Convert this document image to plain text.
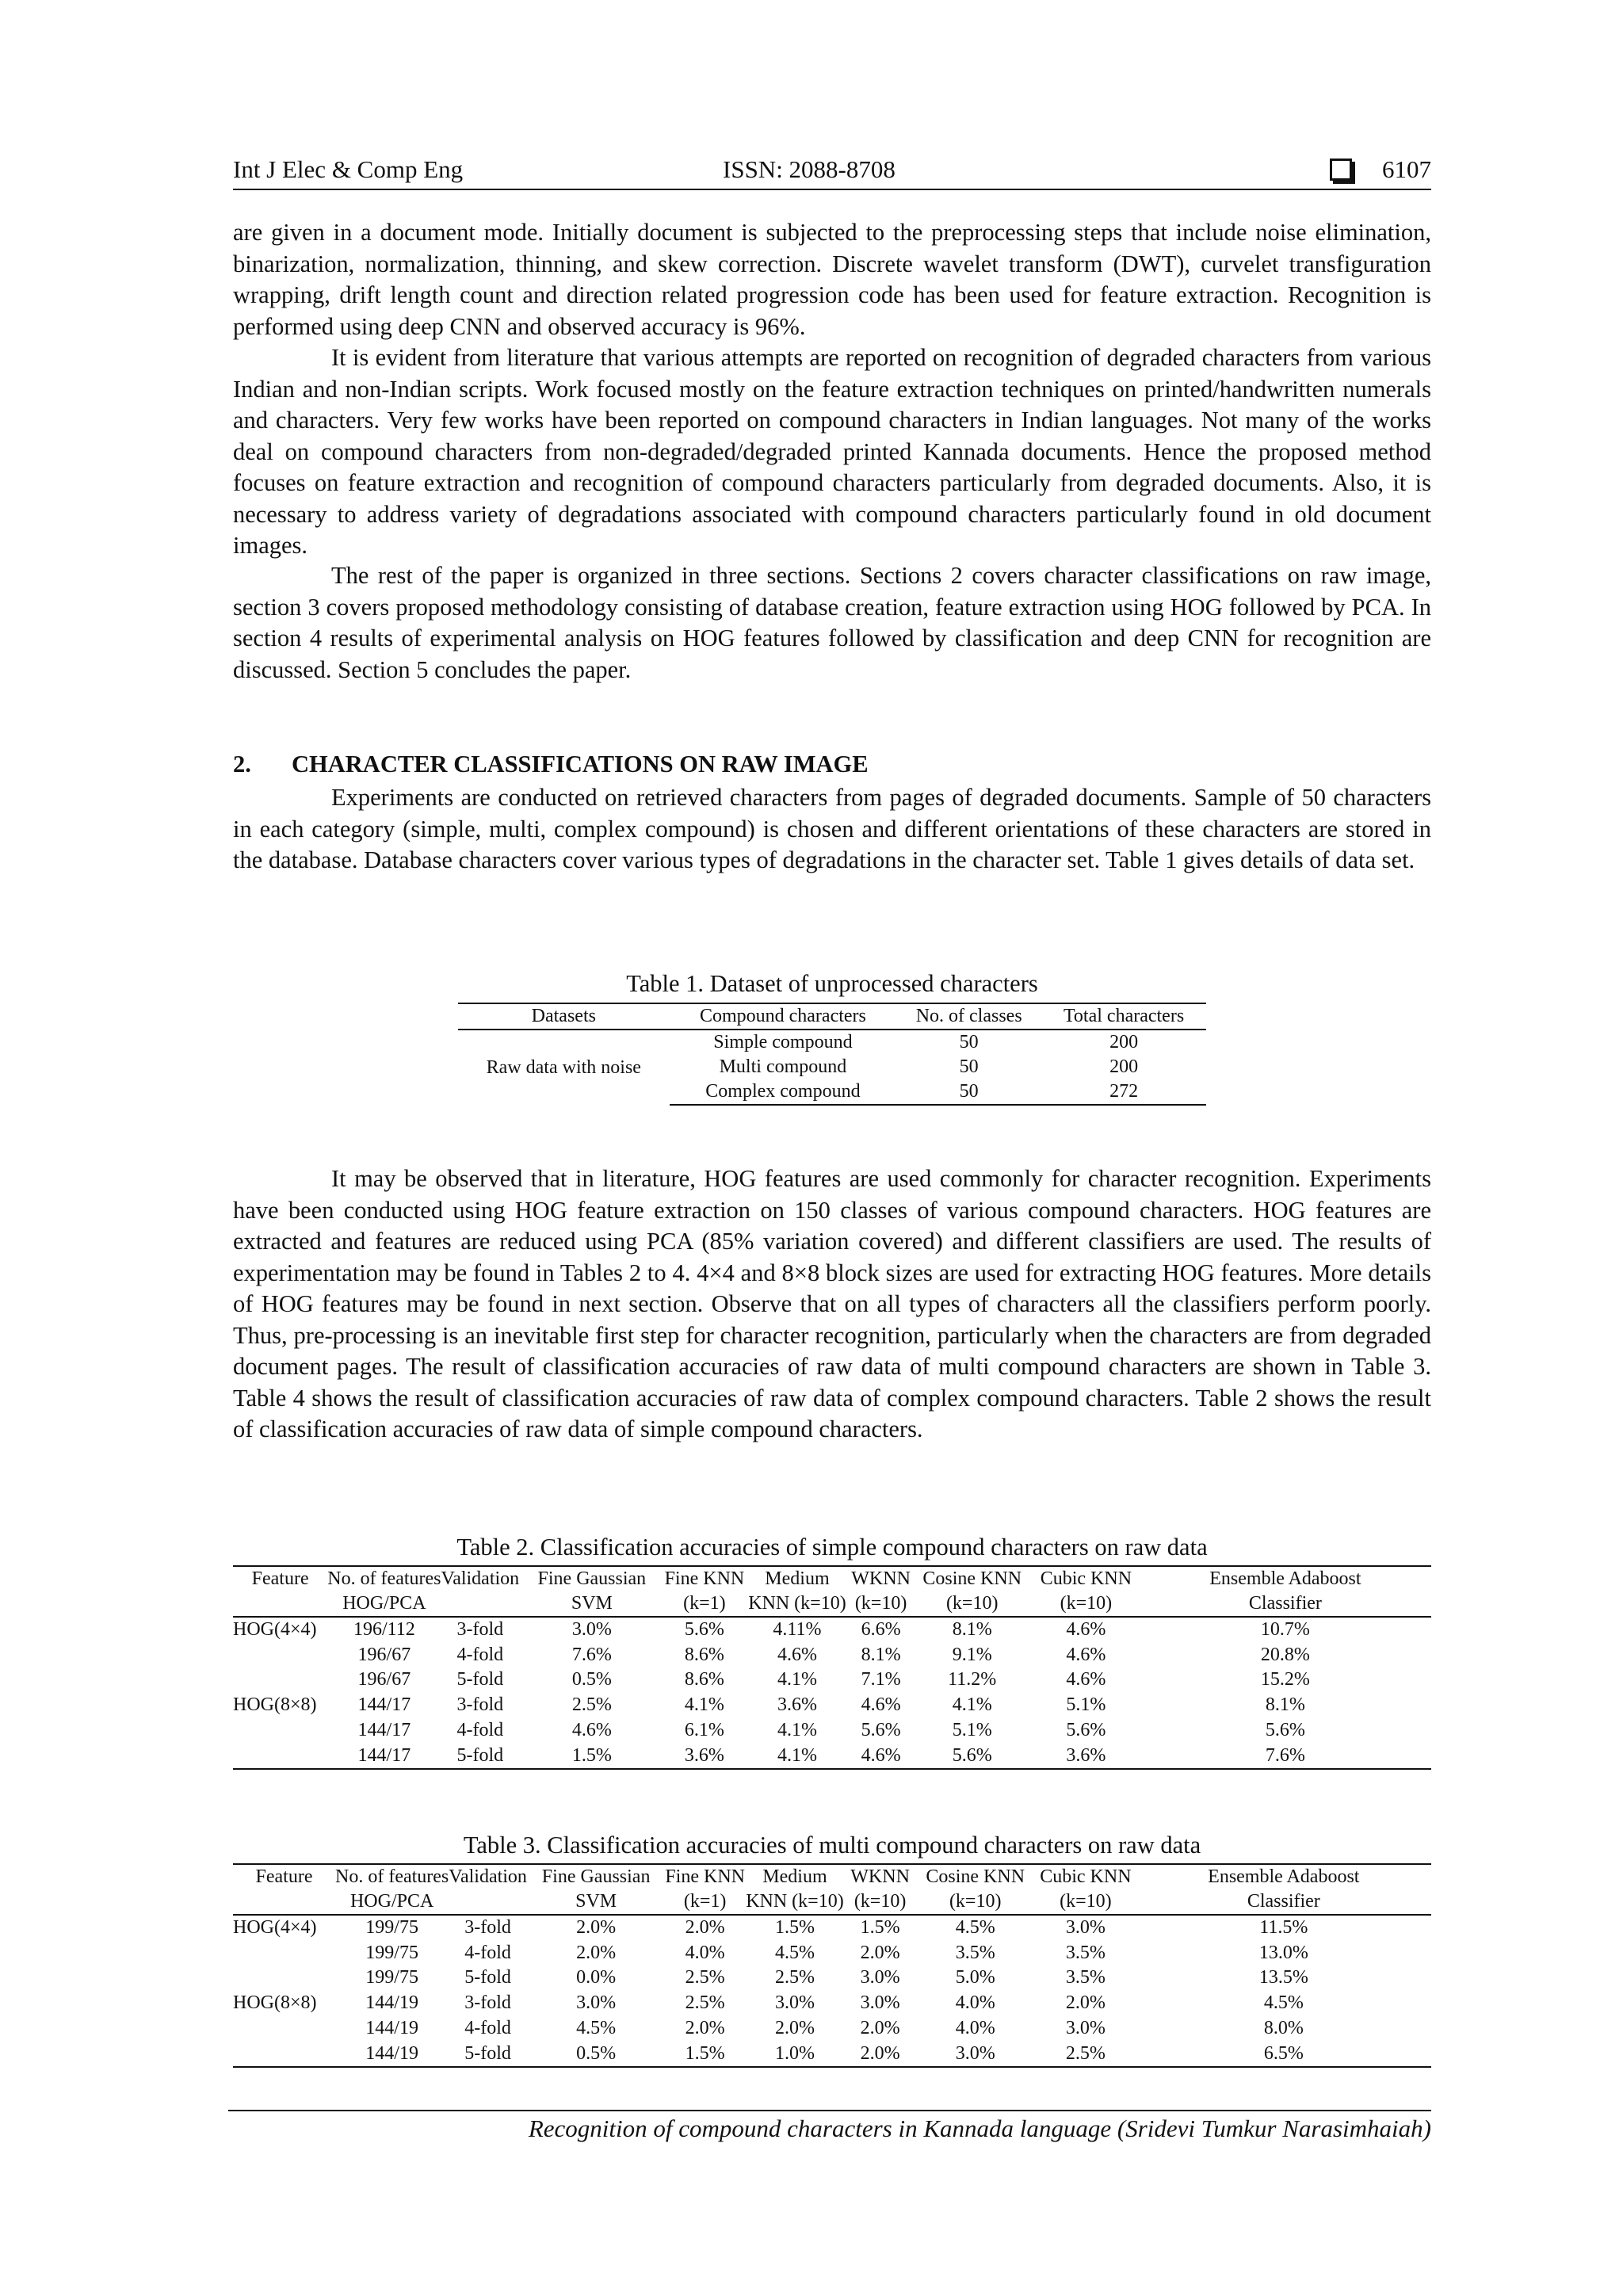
Int J Elec & Comp Eng	ISSN: 2088-8708	6107

are given in a document mode. Initially document is subjected to the preprocessing steps that include noise elimination, binarization, normalization, thinning, and skew correction. Discrete wavelet transform (DWT), curvelet transfiguration wrapping, drift length count and direction related progression code has been used for feature extraction. Recognition is performed using deep CNN and observed accuracy is 96%.

It is evident from literature that various attempts are reported on recognition of degraded characters from various Indian and non-Indian scripts. Work focused mostly on the feature extraction techniques on printed/handwritten numerals and characters. Very few works have been reported on compound characters in Indian languages. Not many of the works deal on compound characters from non-degraded/degraded printed Kannada documents. Hence the proposed method focuses on feature extraction and recognition of compound characters particularly from degraded documents. Also, it is necessary to address variety of degradations associated with compound characters particularly found in old document images.

The rest of the paper is organized in three sections. Sections 2 covers character classifications on raw image, section 3 covers proposed methodology consisting of database creation, feature extraction using HOG followed by PCA. In section 4 results of experimental analysis on HOG features followed by classification and deep CNN for recognition are discussed. Section 5 concludes the paper.

2. CHARACTER CLASSIFICATIONS ON RAW IMAGE

Experiments are conducted on retrieved characters from pages of degraded documents. Sample of 50 characters in each category (simple, multi, complex compound) is chosen and different orientations of these characters are stored in the database. Database characters cover various types of degradations in the character set. Table 1 gives details of data set.

Table 1. Dataset of unprocessed characters

Datasets	Compound characters	No. of classes	Total characters
Raw data with noise	Simple compound	50	200
	Multi compound	50	200
	Complex compound	50	272

It may be observed that in literature, HOG features are used commonly for character recognition. Experiments have been conducted using HOG feature extraction on 150 classes of various compound characters. HOG features are extracted and features are reduced using PCA (85% variation covered) and different classifiers are used. The results of experimentation may be found in Tables 2 to 4. 4×4 and 8×8 block sizes are used for extracting HOG features. More details of HOG features may be found in next section. Observe that on all types of characters all the classifiers perform poorly. Thus, pre-processing is an inevitable first step for character recognition, particularly when the characters are from degraded document pages. The result of classification accuracies of raw data of multi compound characters are shown in Table 3. Table 4 shows the result of classification accuracies of raw data of complex compound characters. Table 2 shows the result of classification accuracies of raw data of simple compound characters.

Table 2. Classification accuracies of simple compound characters on raw data

Feature	No. of features	Validation	Fine Gaussian	Fine KNN	Medium	WKNN	Cosine KNN	Cubic KNN	Ensemble Adaboost
	HOG/PCA		SVM	(k=1)	KNN (k=10)	(k=10)	(k=10)	(k=10)	Classifier
HOG(4×4)	196/112	3-fold	3.0%	5.6%	4.11%	6.6%	8.1%	4.6%	10.7%
	196/67	4-fold	7.6%	8.6%	4.6%	8.1%	9.1%	4.6%	20.8%
	196/67	5-fold	0.5%	8.6%	4.1%	7.1%	11.2%	4.6%	15.2%
HOG(8×8)	144/17	3-fold	2.5%	4.1%	3.6%	4.6%	4.1%	5.1%	8.1%
	144/17	4-fold	4.6%	6.1%	4.1%	5.6%	5.1%	5.6%	5.6%
	144/17	5-fold	1.5%	3.6%	4.1%	4.6%	5.6%	3.6%	7.6%

Table 3. Classification accuracies of multi compound characters on raw data

Feature	No. of features	Validation	Fine Gaussian	Fine KNN	Medium	WKNN	Cosine KNN	Cubic KNN	Ensemble Adaboost
	HOG/PCA		SVM	(k=1)	KNN (k=10)	(k=10)	(k=10)	(k=10)	Classifier
HOG(4×4)	199/75	3-fold	2.0%	2.0%	1.5%	1.5%	4.5%	3.0%	11.5%
	199/75	4-fold	2.0%	4.0%	4.5%	2.0%	3.5%	3.5%	13.0%
	199/75	5-fold	0.0%	2.5%	2.5%	3.0%	5.0%	3.5%	13.5%
HOG(8×8)	144/19	3-fold	3.0%	2.5%	3.0%	3.0%	4.0%	2.0%	4.5%
	144/19	4-fold	4.5%	2.0%	2.0%	2.0%	4.0%	3.0%	8.0%
	144/19	5-fold	0.5%	1.5%	1.0%	2.0%	3.0%	2.5%	6.5%
Recognition of compound characters in Kannada language (Sridevi Tumkur Narasimhaiah)
